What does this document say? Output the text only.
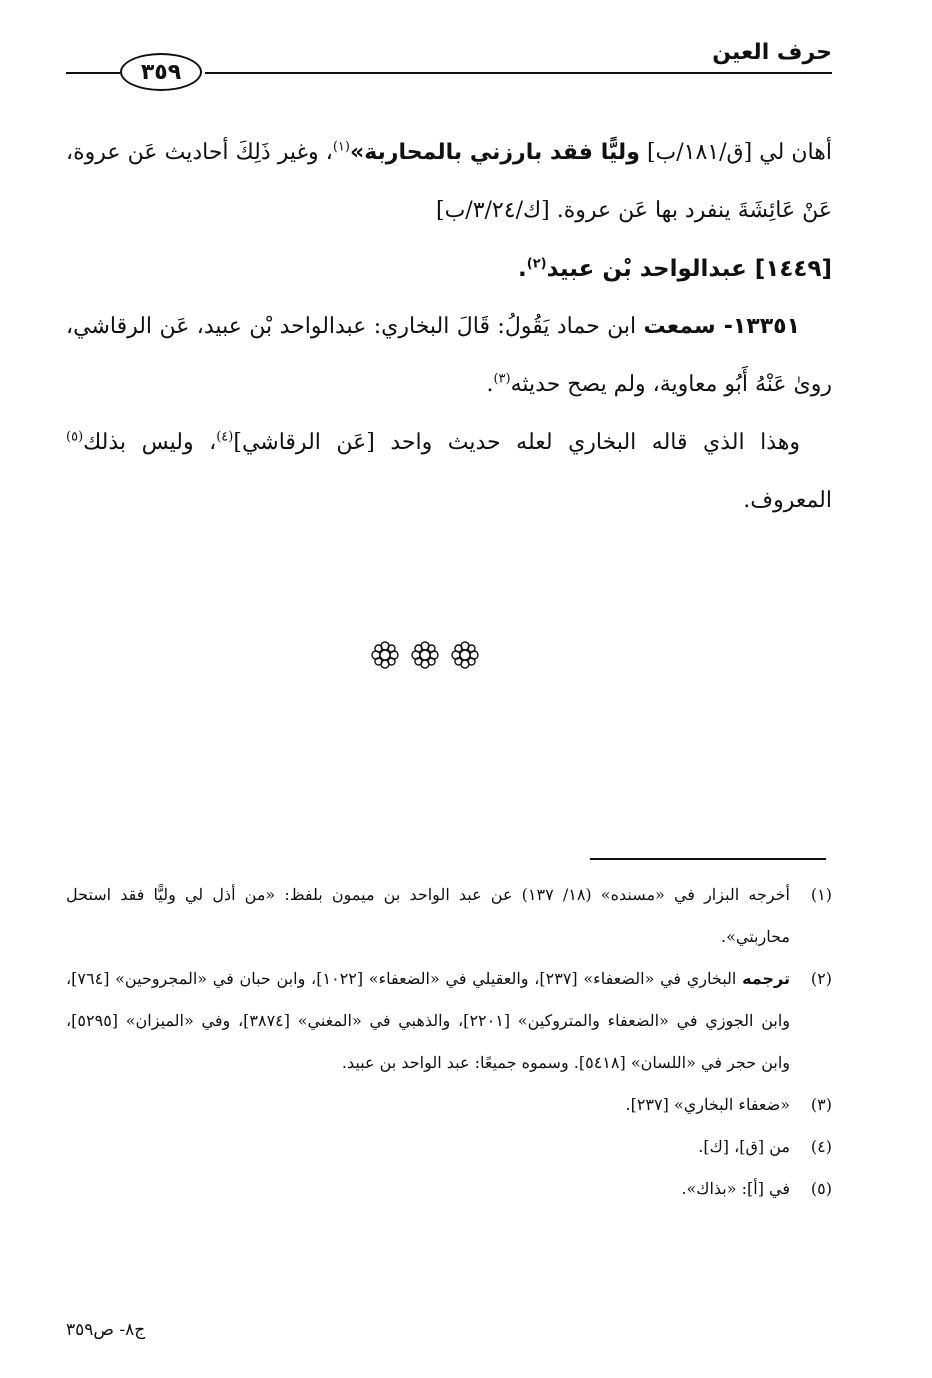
حرف العين
٣٥٩

أهان لي [ق/١٨١/ب] وليًّا فقد بارزني بالمحاربة»$^{(١)}$، وغير ذَلِكَ أحاديث عَن عروة، عَنْ عَائِشَةَ ينفرد بها عَن عروة. [ك/٣/٢٤/ب]

[١٤٤٩] عبدالواحد بْن عبيد$^{(٢)}$.

١٣٣٥١- سمعت ابن حماد يَقُولُ: قَالَ البخاري: عبدالواحد بْن عبيد، عَن الرقاشي، روىٰ عَنْهُ أَبُو معاوية، ولم يصح حديثه$^{(٣)}$.

وهذا الذي قاله البخاري لعله حديث واحد [عَن الرقاشي]$^{(٤)}$، وليس بذلك$^{(٥)}$ المعروف.

(١)
أخرجه البزار في «مسنده» (١٨/ ١٣٧) عن عبد الواحد بن ميمون بلفظ: «من أذل لي وليًّا فقد استحل محاربتي».
(٢)
ترجمه البخاري في «الضعفاء» [٢٣٧]، والعقيلي في «الضعفاء» [١٠٢٢]، وابن حبان في «المجروحين» [٧٦٤]، وابن الجوزي في «الضعفاء والمتروكين» [٢٢٠١]، والذهبي في «المغني» [٣٨٧٤]، وفي «الميزان» [٥٢٩٥]، وابن حجر في «اللسان» [٥٤١٨]. وسموه جميعًا: عبد الواحد بن عبيد.
(٣)
«ضعفاء البخاري» [٢٣٧].
(٤)
من [ق]، [ك].
(٥)
في [أ]: «بذاك».
ج٨- ص٣٥٩
